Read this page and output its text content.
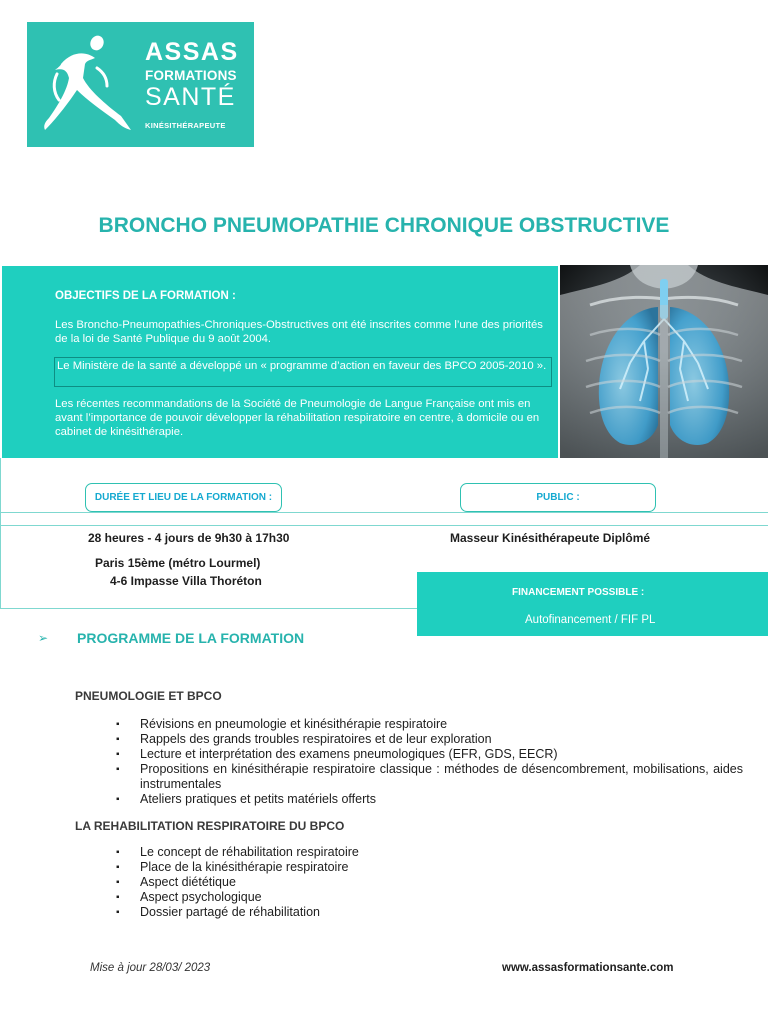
ASSAS
FORMATIONS
SANTÉ
KINÉSITHÉRAPEUTE
BRONCHO PNEUMOPATHIE CHRONIQUE OBSTRUCTIVE
OBJECTIFS DE LA FORMATION :
Les Broncho-Pneumopathies-Chroniques-Obstructives ont été inscrites comme l’une des priorités de la loi de Santé Publique du 9 août 2004.
Le Ministère de la santé a développé un « programme d’action en faveur des BPCO 2005-2010 ».
Les récentes recommandations de la Société de Pneumologie de Langue Française ont mis en avant l’importance de pouvoir développer la réhabilitation respiratoire en centre, à domicile ou en cabinet de kinésithérapie.
DURÉE ET LIEU DE LA FORMATION :	PUBLIC :
28 heures - 4 jours de 9h30 à 17h30
Paris 15ème (métro Lourmel)
4-6 Impasse Villa Thoréton
Masseur Kinésithérapeute Diplômé
FINANCEMENT POSSIBLE :
Autofinancement / FIF PL
➢ PROGRAMME DE LA FORMATION
PNEUMOLOGIE ET BPCO
▪ Révisions en pneumologie et kinésithérapie respiratoire
▪ Rappels des grands troubles respiratoires et de leur exploration
▪ Lecture et interprétation des examens pneumologiques (EFR, GDS, EECR)
▪ Propositions en kinésithérapie respiratoire classique : méthodes de désencombrement, mobilisations, aides instrumentales
▪ Ateliers pratiques et petits matériels offerts
LA REHABILITATION RESPIRATOIRE DU BPCO
▪ Le concept de réhabilitation respiratoire
▪ Place de la kinésithérapie respiratoire
▪ Aspect diététique
▪ Aspect psychologique
▪ Dossier partagé de réhabilitation
Mise à jour 28/03/ 2023	www.assasformationsante.com
